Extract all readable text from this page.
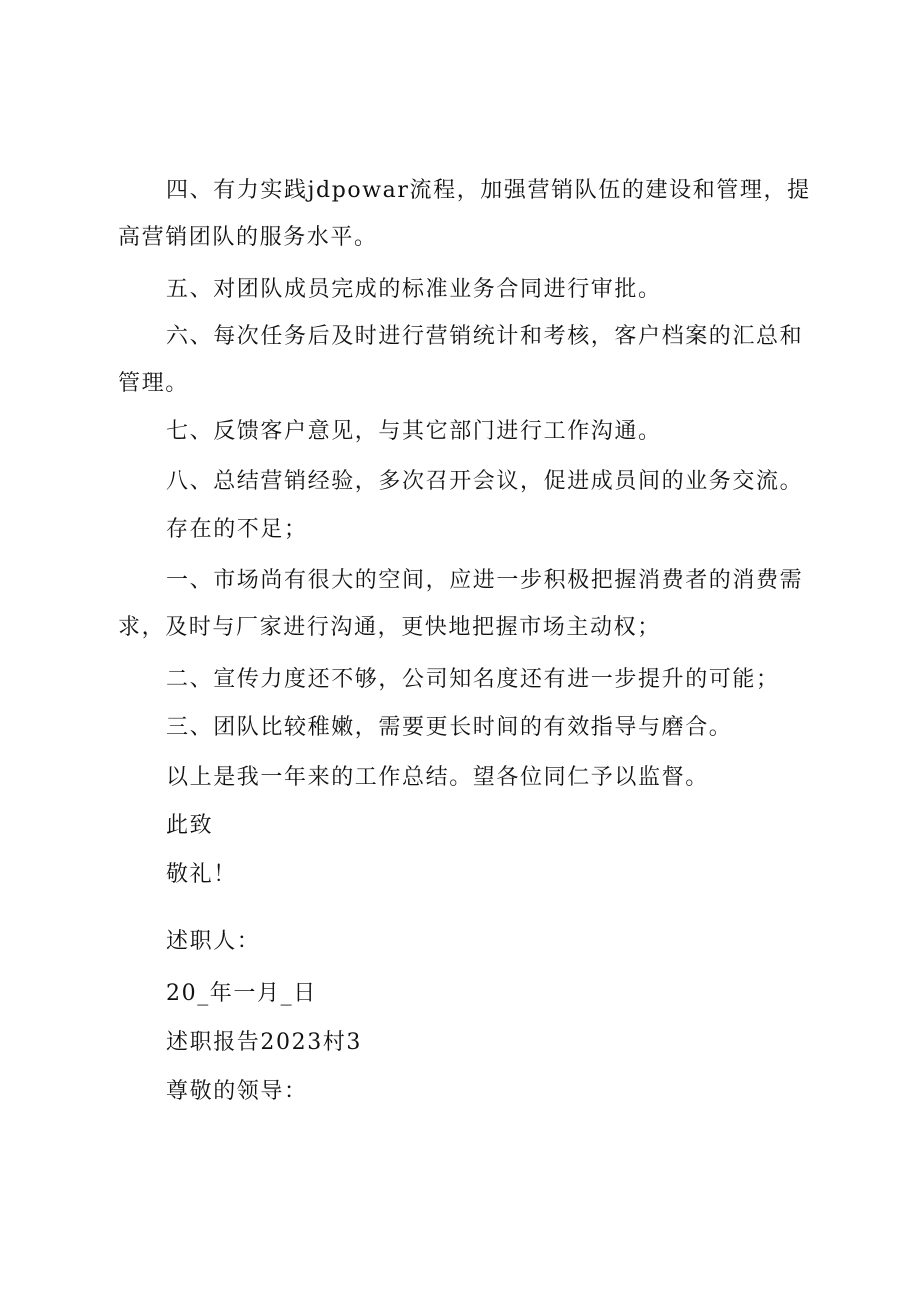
四、有力实践jdpowar流程，加强营销队伍的建设和管理，提高营销团队的服务水平。

五、对团队成员完成的标准业务合同进行审批。

六、每次任务后及时进行营销统计和考核，客户档案的汇总和管理。

七、反馈客户意见，与其它部门进行工作沟通。

八、总结营销经验，多次召开会议，促进成员间的业务交流。

存在的不足；

一、市场尚有很大的空间，应进一步积极把握消费者的消费需求，及时与厂家进行沟通，更快地把握市场主动权；

二、宣传力度还不够，公司知名度还有进一步提升的可能；

三、团队比较稚嫩，需要更长时间的有效指导与磨合。

以上是我一年来的工作总结。望各位同仁予以监督。

此致

敬礼！

述职人：

20_年一月_日

述职报告2023村3

尊敬的领导：
